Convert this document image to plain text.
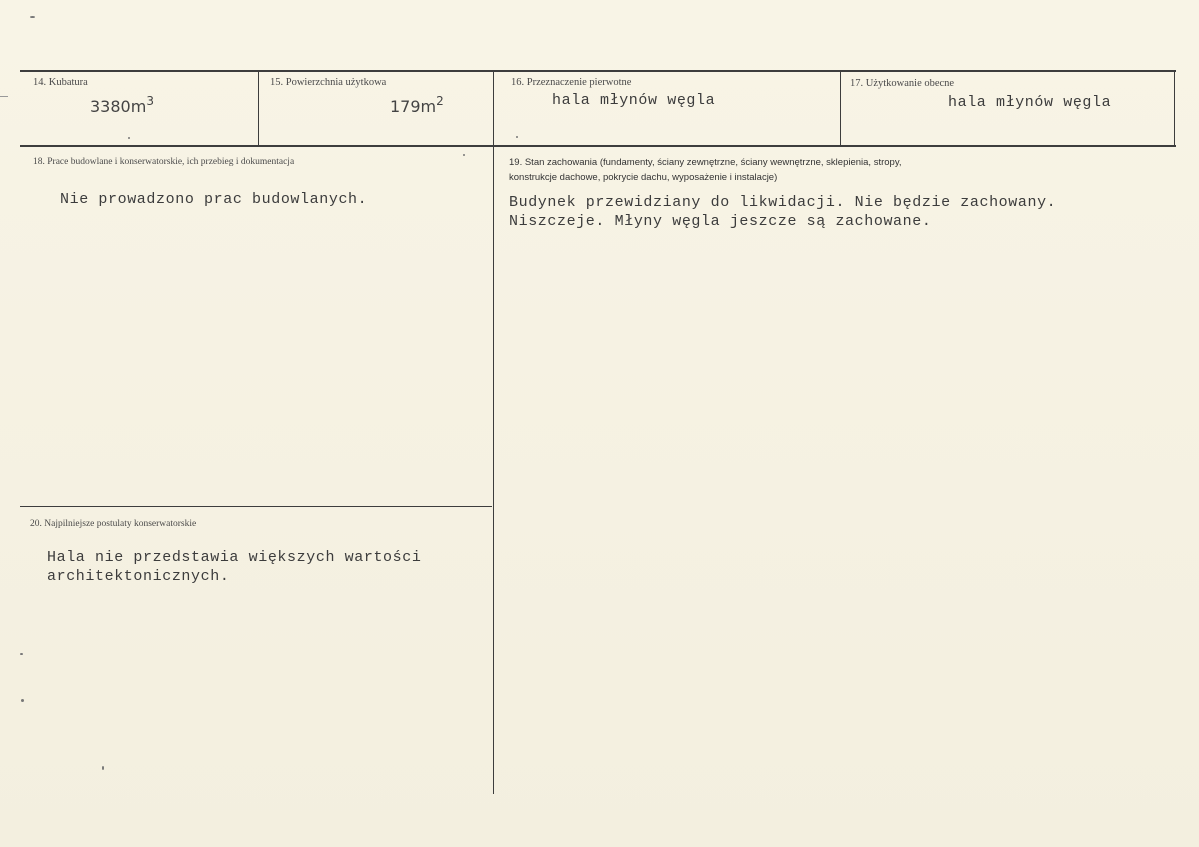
14. Kubatura
$3380m^3$
15. Powierzchnia użytkowa
$179m^2$
16. Przeznaczenie pierwotne
hala młynów węgla
17. Użytkowanie obecne
hala młynów węgla
18. Prace budowlane i konserwatorskie, ich przebieg i dokumentacja
Nie prowadzono prac budowlanych.
19. Stan zachowania (fundamenty, ściany zewnętrzne, ściany wewnętrzne, sklepienia, stropy,
konstrukcje dachowe, pokrycie dachu, wyposażenie i instalacje)
Budynek przewidziany do likwidacji. Nie będzie zachowany.
Niszczeje. Młyny węgla jeszcze są zachowane.
20. Najpilniejsze postulaty konserwatorskie
Hala nie przedstawia większych wartości
architektonicznych.
